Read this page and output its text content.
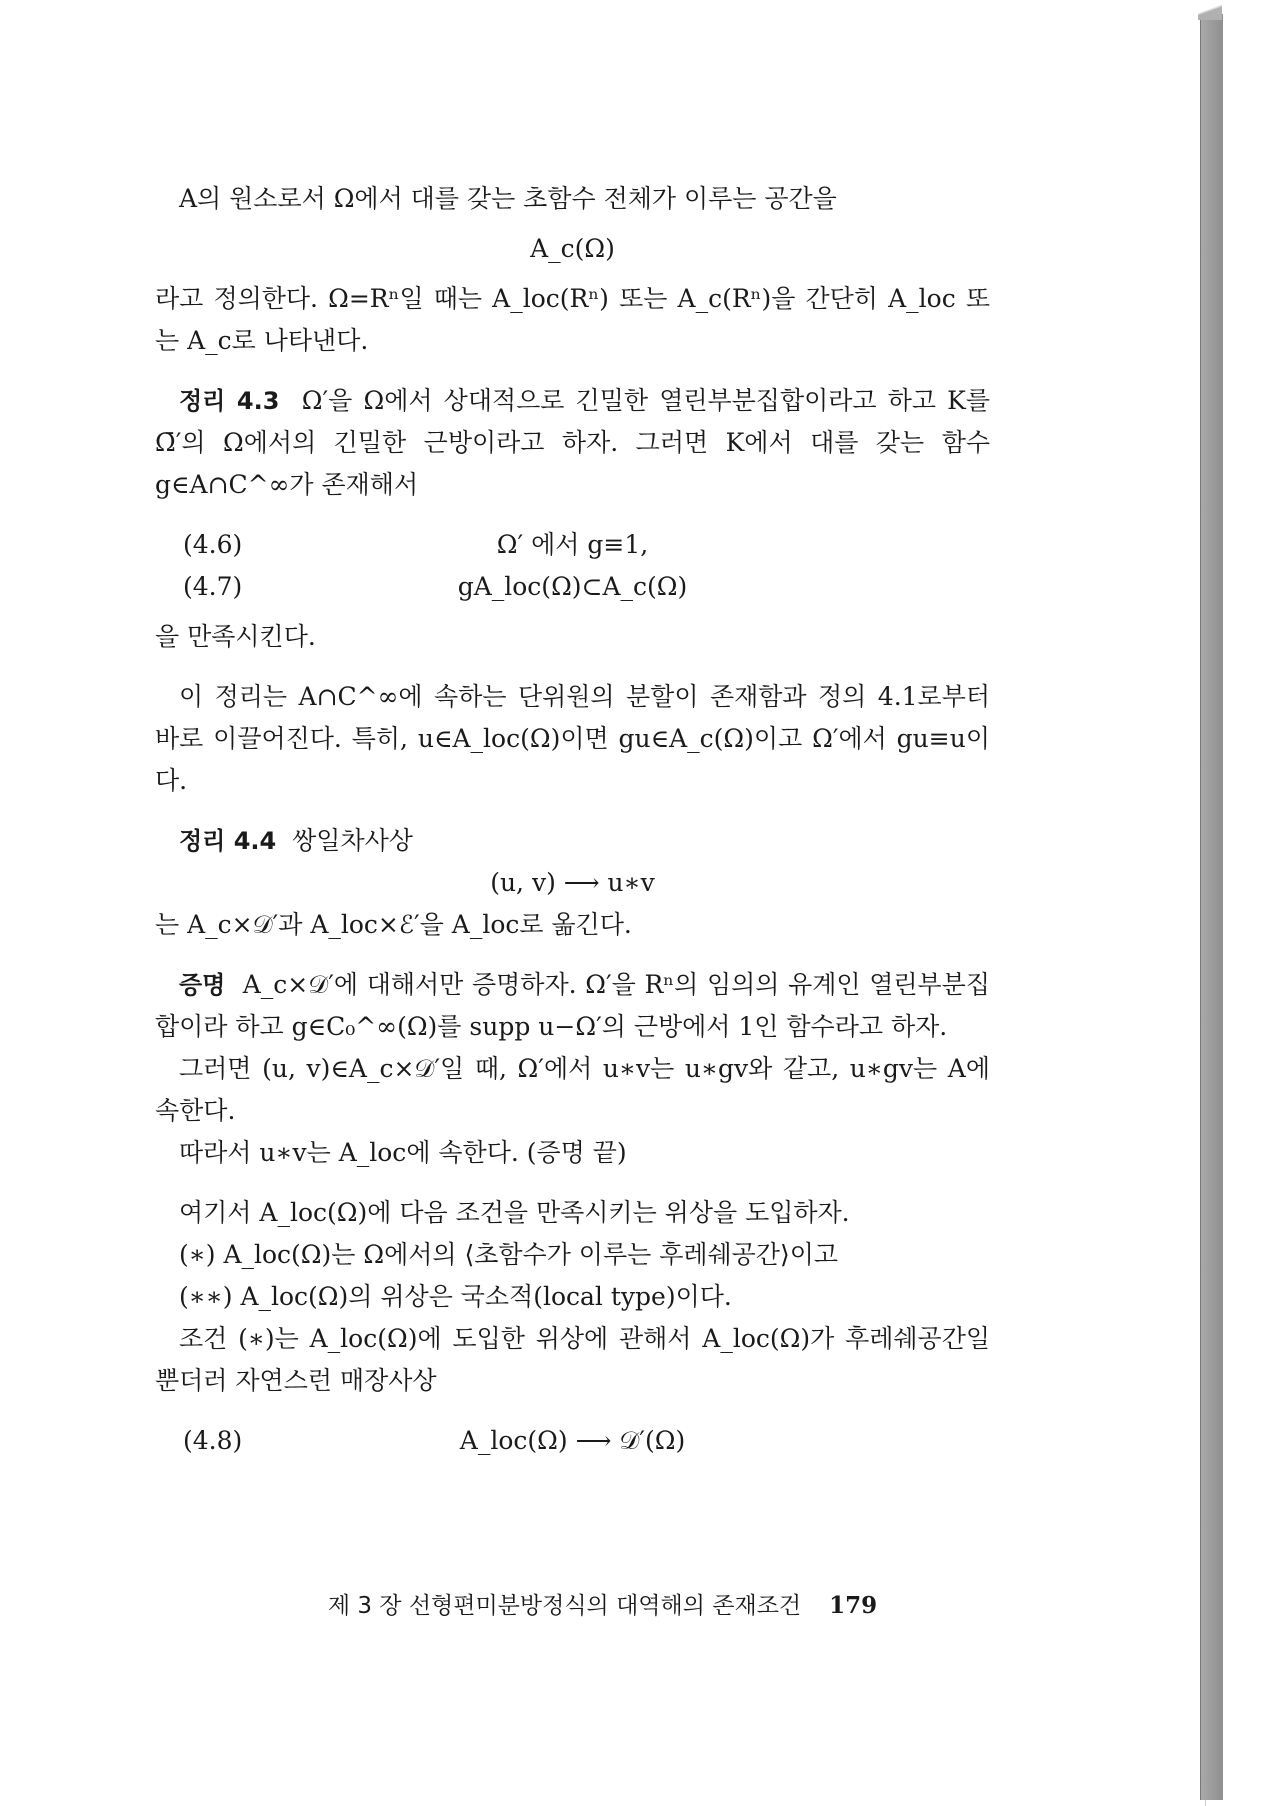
A의 원소로서 Ω에서 대를 갖는 초함수 전체가 이루는 공간을

A_c(Ω)

라고 정의한다. Ω=Rⁿ일 때는 A_loc(Rⁿ) 또는 A_c(Rⁿ)을 간단히 A_loc 또는 A_c로 나타낸다.

정리 4.3 Ω′을 Ω에서 상대적으로 긴밀한 열린부분집합이라고 하고 K를 Ω̄′의 Ω에서의 긴밀한 근방이라고 하자. 그러면 K에서 대를 갖는 함수 g∈A∩C^∞가 존재해서

(4.6)	Ω′ 에서 g≡1,
(4.7)	gA_loc(Ω)⊂A_c(Ω)

을 만족시킨다.

이 정리는 A∩C^∞에 속하는 단위원의 분할이 존재함과 정의 4.1로부터 바로 이끌어진다. 특히, u∈A_loc(Ω)이면 gu∈A_c(Ω)이고 Ω′에서 gu≡u이다.

정리 4.4 쌍일차사상

(u, v) ⟶ u∗v

는 A_c×𝒟′과 A_loc×ℰ′을 A_loc로 옮긴다.

증명 A_c×𝒟′에 대해서만 증명하자. Ω′을 Rⁿ의 임의의 유계인 열린부분집합이라 하고 g∈C₀^∞(Ω)를 supp u−Ω′의 근방에서 1인 함수라고 하자.

그러면 (u, v)∈A_c×𝒟′일 때, Ω′에서 u∗v는 u∗gv와 같고, u∗gv는 A에 속한다.

따라서 u∗v는 A_loc에 속한다. (증명 끝)

여기서 A_loc(Ω)에 다음 조건을 만족시키는 위상을 도입하자.

(∗) A_loc(Ω)는 Ω에서의 ⟨초함수가 이루는 후레쉐공간⟩이고

(∗∗) A_loc(Ω)의 위상은 국소적(local type)이다.

조건 (∗)는 A_loc(Ω)에 도입한 위상에 관해서 A_loc(Ω)가 후레쉐공간일뿐더러 자연스런 매장사상

(4.8)	A_loc(Ω) ⟶ 𝒟′(Ω)
제 3 장 선형편미분방정식의 대역해의 존재조건 179
